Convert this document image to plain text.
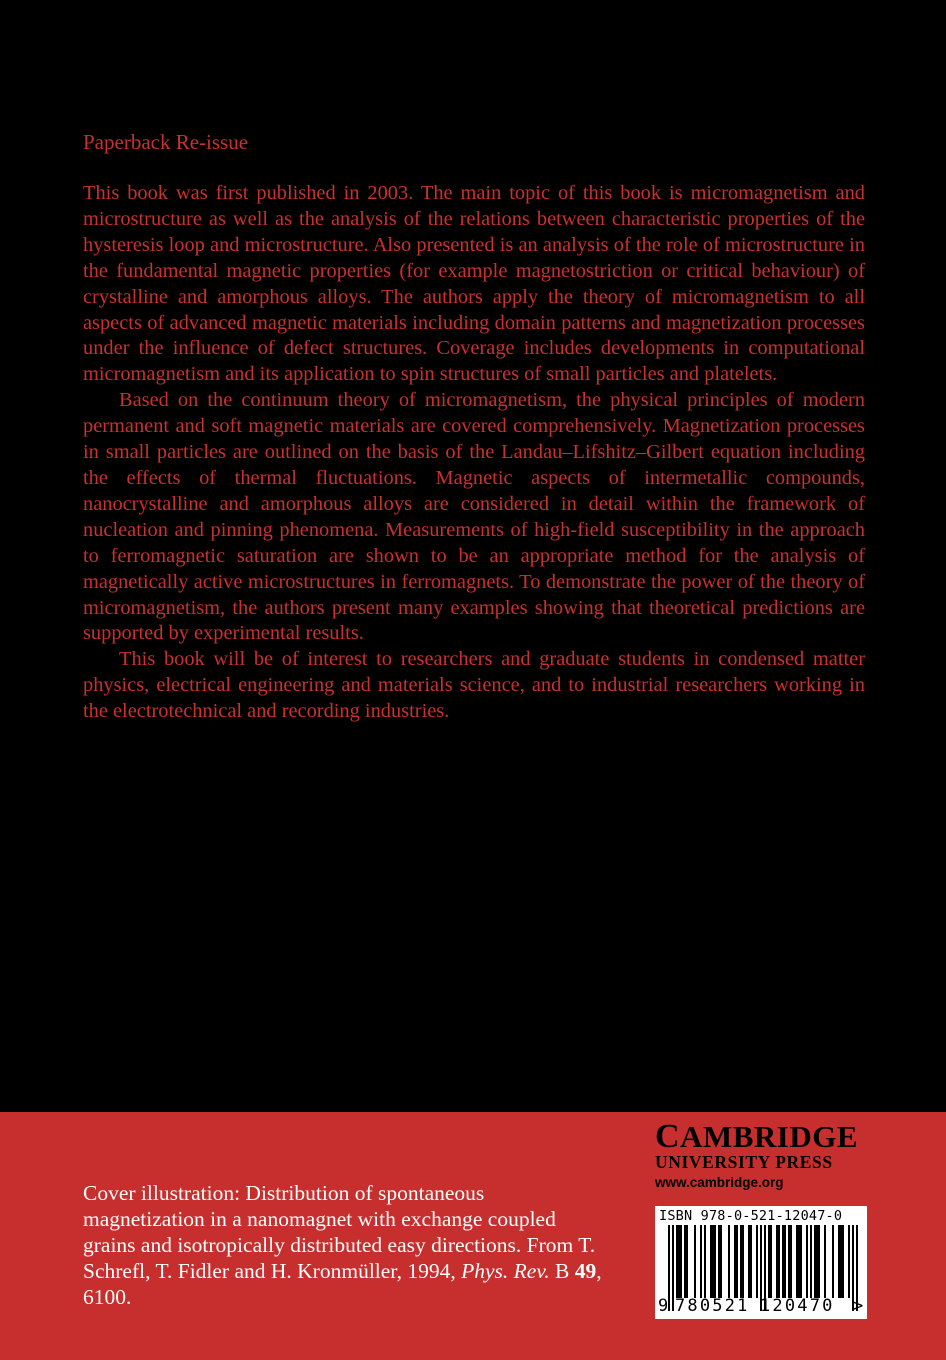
Paperback Re-issue

This book was first published in 2003. The main topic of this book is micromagnetism and microstructure as well as the analysis of the relations between characteristic properties of the hysteresis loop and microstructure. Also presented is an analysis of the role of microstructure in the fundamental magnetic properties (for example magnetostriction or critical behaviour) of crystalline and amorphous alloys. The authors apply the theory of micromagnetism to all aspects of advanced magnetic materials including domain patterns and magnetization processes under the influence of defect structures. Coverage includes developments in computational micromagnetism and its application to spin structures of small particles and platelets.

Based on the continuum theory of micromagnetism, the physical principles of modern permanent and soft magnetic materials are covered comprehensively. Magnetization processes in small particles are outlined on the basis of the Landau–Lifshitz–Gilbert equation including the effects of thermal fluctuations. Magnetic aspects of intermetallic compounds, nanocrystalline and amorphous alloys are considered in detail within the framework of nucleation and pinning phenomena. Measurements of high-field susceptibility in the approach to ferromagnetic saturation are shown to be an appropriate method for the analysis of magnetically active microstructures in ferromagnets. To demonstrate the power of the theory of micromagnetism, the authors present many examples showing that theoretical predictions are supported by experimental results.

This book will be of interest to researchers and graduate students in condensed matter physics, electrical engineering and materials science, and to industrial researchers working in the electrotechnical and recording industries.

Cover illustration: Distribution of spontaneous magnetization in a nanomagnet with exchange coupled grains and isotropically distributed easy directions. From T. Schrefl, T. Fidler and H. Kronmüller, 1994, Phys. Rev. B 49, 6100.
CAMBRIDGE
UNIVERSITY PRESS
www.cambridge.org
ISBN 978-0-521-12047-0
9 780521 120470 >
